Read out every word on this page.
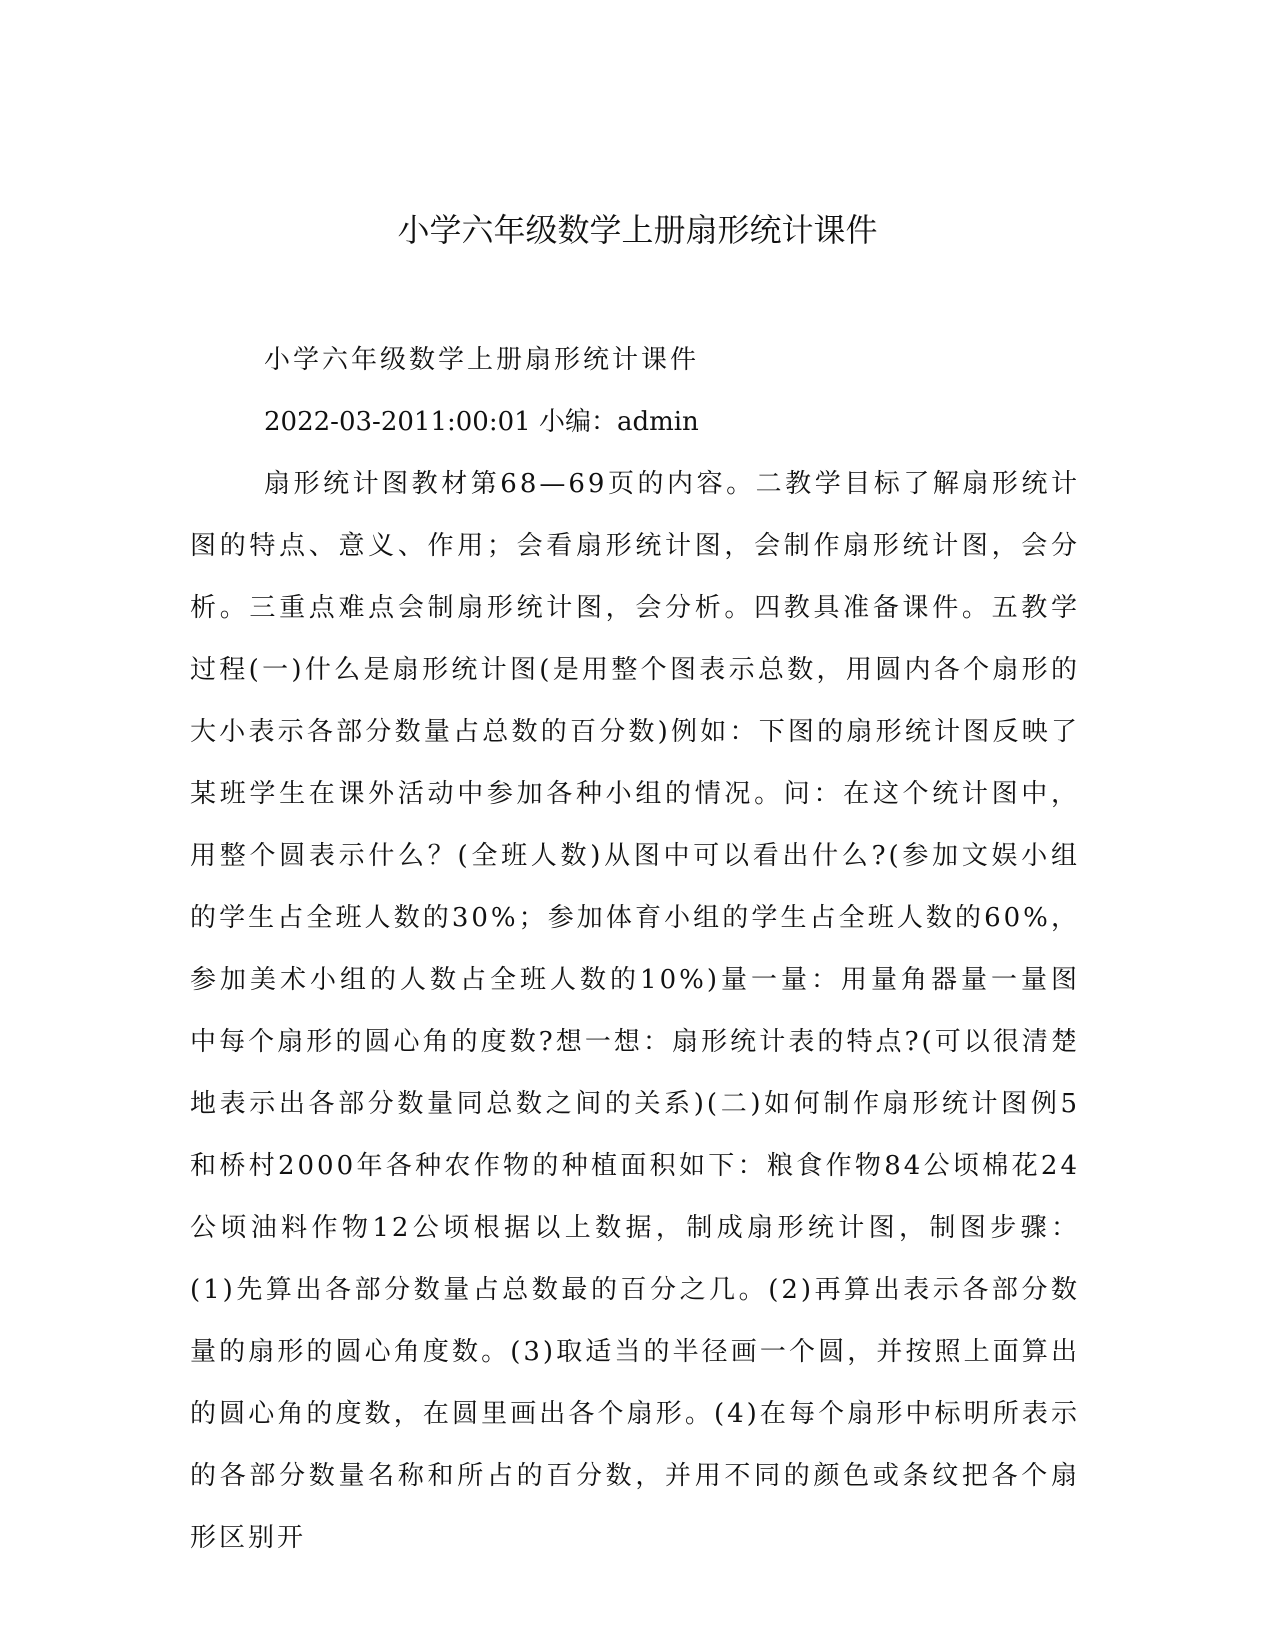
小学六年级数学上册扇形统计课件

小学六年级数学上册扇形统计课件

2022-03-2011:00:01 小编：admin

扇形统计图教材第68—69页的内容。二教学目标了解扇形统计图的特点、意义、作用；会看扇形统计图，会制作扇形统计图，会分析。三重点难点会制扇形统计图，会分析。四教具准备课件。五教学过程(一)什么是扇形统计图(是用整个图表示总数，用圆内各个扇形的大小表示各部分数量占总数的百分数)例如：下图的扇形统计图反映了某班学生在课外活动中参加各种小组的情况。问：在这个统计图中，用整个圆表示什么？(全班人数)从图中可以看出什么?(参加文娱小组的学生占全班人数的30%；参加体育小组的学生占全班人数的60%，参加美术小组的人数占全班人数的10%)量一量：用量角器量一量图中每个扇形的圆心角的度数?想一想：扇形统计表的特点?(可以很清楚地表示出各部分数量同总数之间的关系)(二)如何制作扇形统计图例5和桥村2000年各种农作物的种植面积如下：粮食作物84公顷棉花24公顷油料作物12公顷根据以上数据，制成扇形统计图，制图步骤：(1)先算出各部分数量占总数最的百分之几。(2)再算出表示各部分数量的扇形的圆心角度数。(3)取适当的半径画一个圆，并按照上面算出的圆心角的度数，在圆里画出各个扇形。(4)在每个扇形中标明所表示的各部分数量名称和所占的百分数，并用不同的颜色或条纹把各个扇形区别开
